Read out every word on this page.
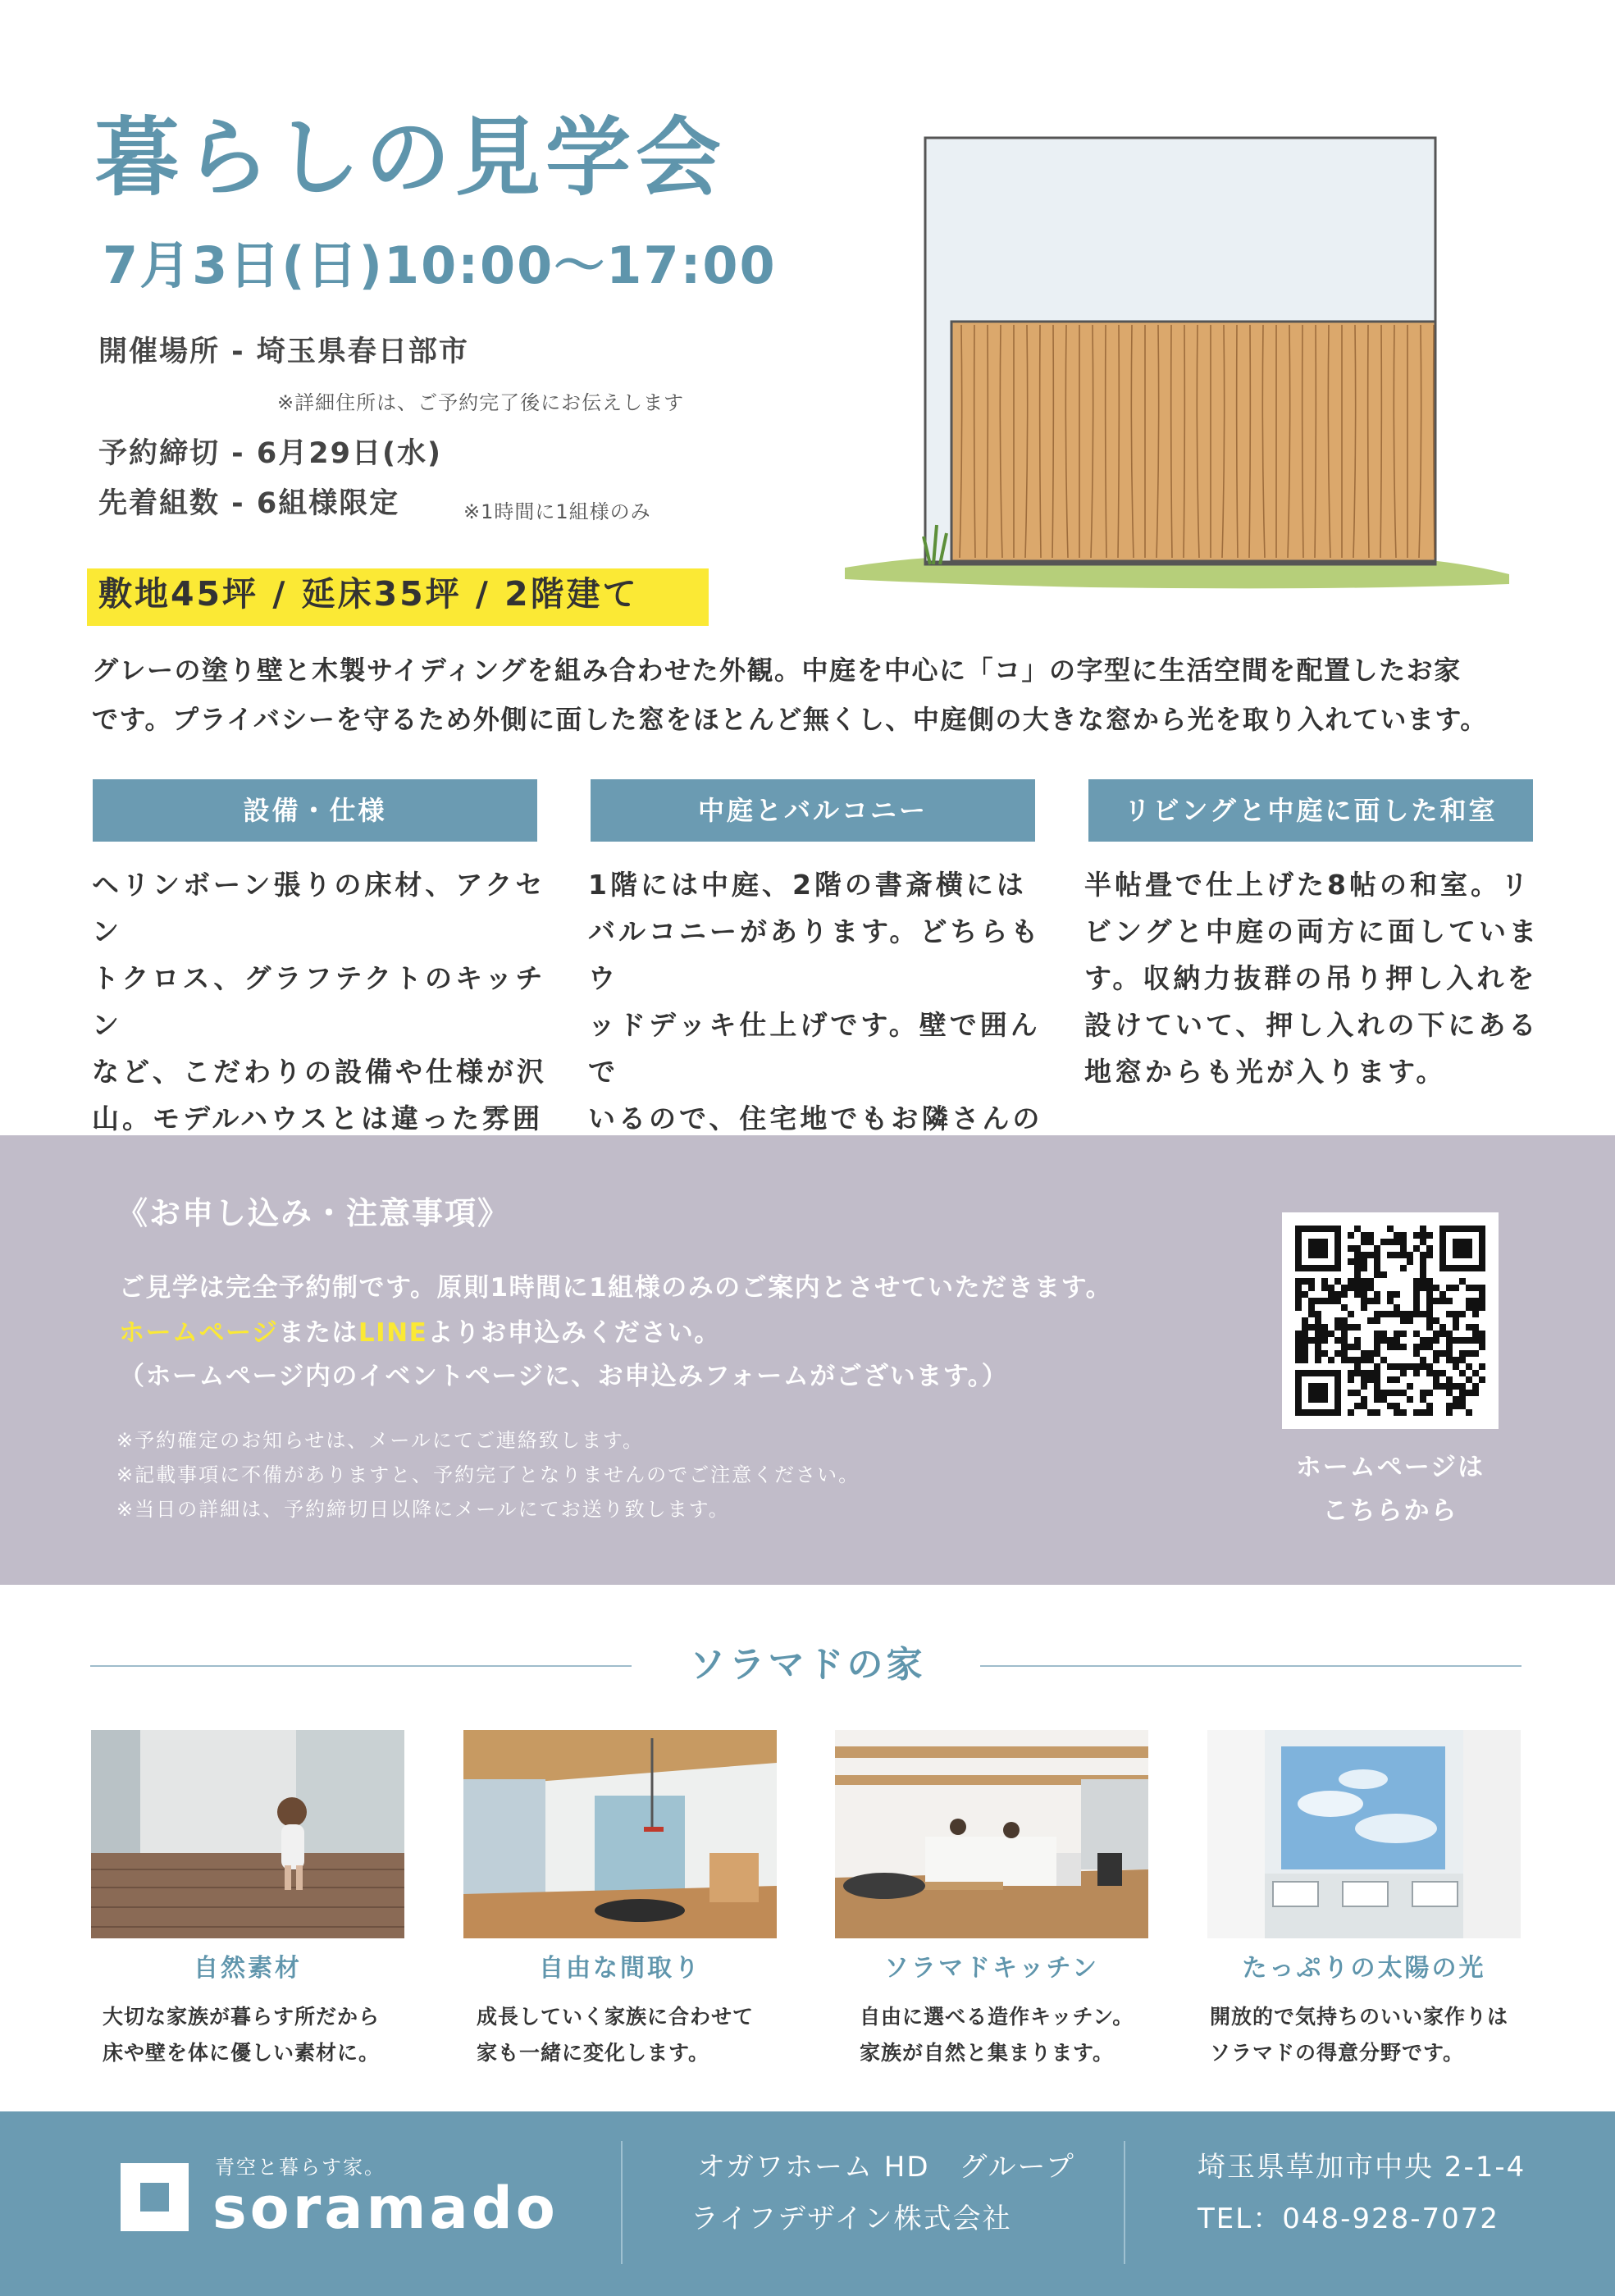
暮らしの見学会
7月3日(日)10:00～17:00
開催場所 - 埼玉県春日部市
※詳細住所は、ご予約完了後にお伝えします
予約締切 - 6月29日(水)
先着組数 - 6組様限定	※1時間に1組様のみ
敷地45坪 / 延床35坪 / 2階建て
グレーの塗り壁と木製サイディングを組み合わせた外観。中庭を中心に「コ」の字型に生活空間を配置したお家
です。プライバシーを守るため外側に面した窓をほとんど無くし、中庭側の大きな窓から光を取り入れています。
設備・仕様	中庭とバルコニー	リビングと中庭に面した和室
ヘリンボーン張りの床材、アクセン
トクロス、グラフテクトのキッチン
など、こだわりの設備や仕様が沢
山。モデルハウスとは違った雰囲
1階には中庭、2階の書斎横には
バルコニーがあります。どちらもウ
ッドデッキ仕上げです。壁で囲んで
いるので、住宅地でもお隣さんの
半帖畳で仕上げた8帖の和室。リ
ビングと中庭の両方に面していま
す。収納力抜群の吊り押し入れを
設けていて、押し入れの下にある
地窓からも光が入ります。
《お申し込み・注意事項》
ご見学は完全予約制です。原則1時間に1組様のみのご案内とさせていただきます。
ホームページまたはLINEよりお申込みください。
（ホームページ内のイベントページに、お申込みフォームがございます。）
※予約確定のお知らせは、メールにてご連絡致します。
※記載事項に不備がありますと、予約完了となりませんのでご注意ください。
※当日の詳細は、予約締切日以降にメールにてお送り致します。
ホームページは
こちらから
ソラマドの家
自然素材	自由な間取り	ソラマドキッチン	たっぷりの太陽の光
大切な家族が暮らす所だから
床や壁を体に優しい素材に。
成長していく家族に合わせて
家も一緒に変化します。
自由に選べる造作キッチン。
家族が自然と集まります。
開放的で気持ちのいい家作りは
ソラマドの得意分野です。
青空と暮らす家。
soramado
オガワホーム HD　グループ
ライフデザイン株式会社
埼玉県草加市中央 2-1-4
TEL：048-928-7072
